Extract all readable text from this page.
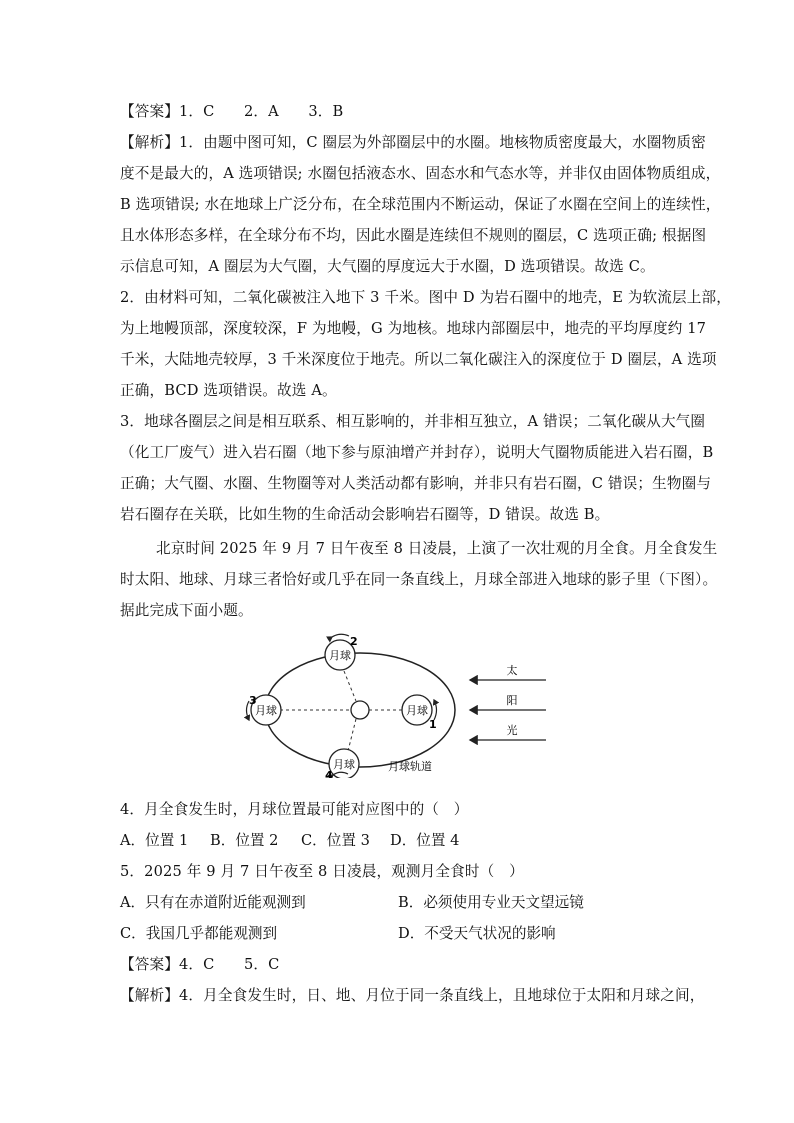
【答案】1．C　　2．A　　3．B
【解析】1．由题中图可知，C 圈层为外部圈层中的水圈。地核物质密度最大，水圈物质密
度不是最大的，A 选项错误; 水圈包括液态水、固态水和气态水等，并非仅由固体物质组成，
B 选项错误; 水在地球上广泛分布，在全球范围内不断运动，保证了水圈在空间上的连续性，
且水体形态多样，在全球分布不均，因此水圈是连续但不规则的圈层，C 选项正确; 根据图
示信息可知，A 圈层为大气圈，大气圈的厚度远大于水圈，D 选项错误。故选 C。
2．由材料可知，二氧化碳被注入地下 3 千米。图中 D 为岩石圈中的地壳，E 为软流层上部，
为上地幔顶部，深度较深，F 为地幔，G 为地核。地球内部圈层中，地壳的平均厚度约 17
千米，大陆地壳较厚，3 千米深度位于地壳。所以二氧化碳注入的深度位于 D 圈层，A 选项
正确，BCD 选项错误。故选 A。
3．地球各圈层之间是相互联系、相互影响的，并非相互独立，A 错误；二氧化碳从大气圈
（化工厂废气）进入岩石圈（地下参与原油增产并封存），说明大气圈物质能进入岩石圈，B
正确；大气圈、水圈、生物圈等对人类活动都有影响，并非只有岩石圈，C 错误；生物圈与
岩石圈存在关联，比如生物的生命活动会影响岩石圈等，D 错误。故选 B。
北京时间 2025 年 9 月 7 日午夜至 8 日凌晨，上演了一次壮观的月全食。月全食发生
时太阳、地球、月球三者恰好或几乎在同一条直线上，月球全部进入地球的影子里（下图）。
据此完成下面小题。
月球
2
月球
3
月球
1
月球
4
月球轨道
太
阳
光
4．月全食发生时，月球位置最可能对应图中的（　）
A．位置 1 B．位置 2 C．位置 3 D．位置 4
5．2025 年 9 月 7 日午夜至 8 日凌晨，观测月全食时（　）
A．只有在赤道附近能观测到	B．必须使用专业天文望远镜
C．我国几乎都能观测到	D．不受天气状况的影响
【答案】4．C　　5．C
【解析】4．月全食发生时，日、地、月位于同一条直线上，且地球位于太阳和月球之间，
